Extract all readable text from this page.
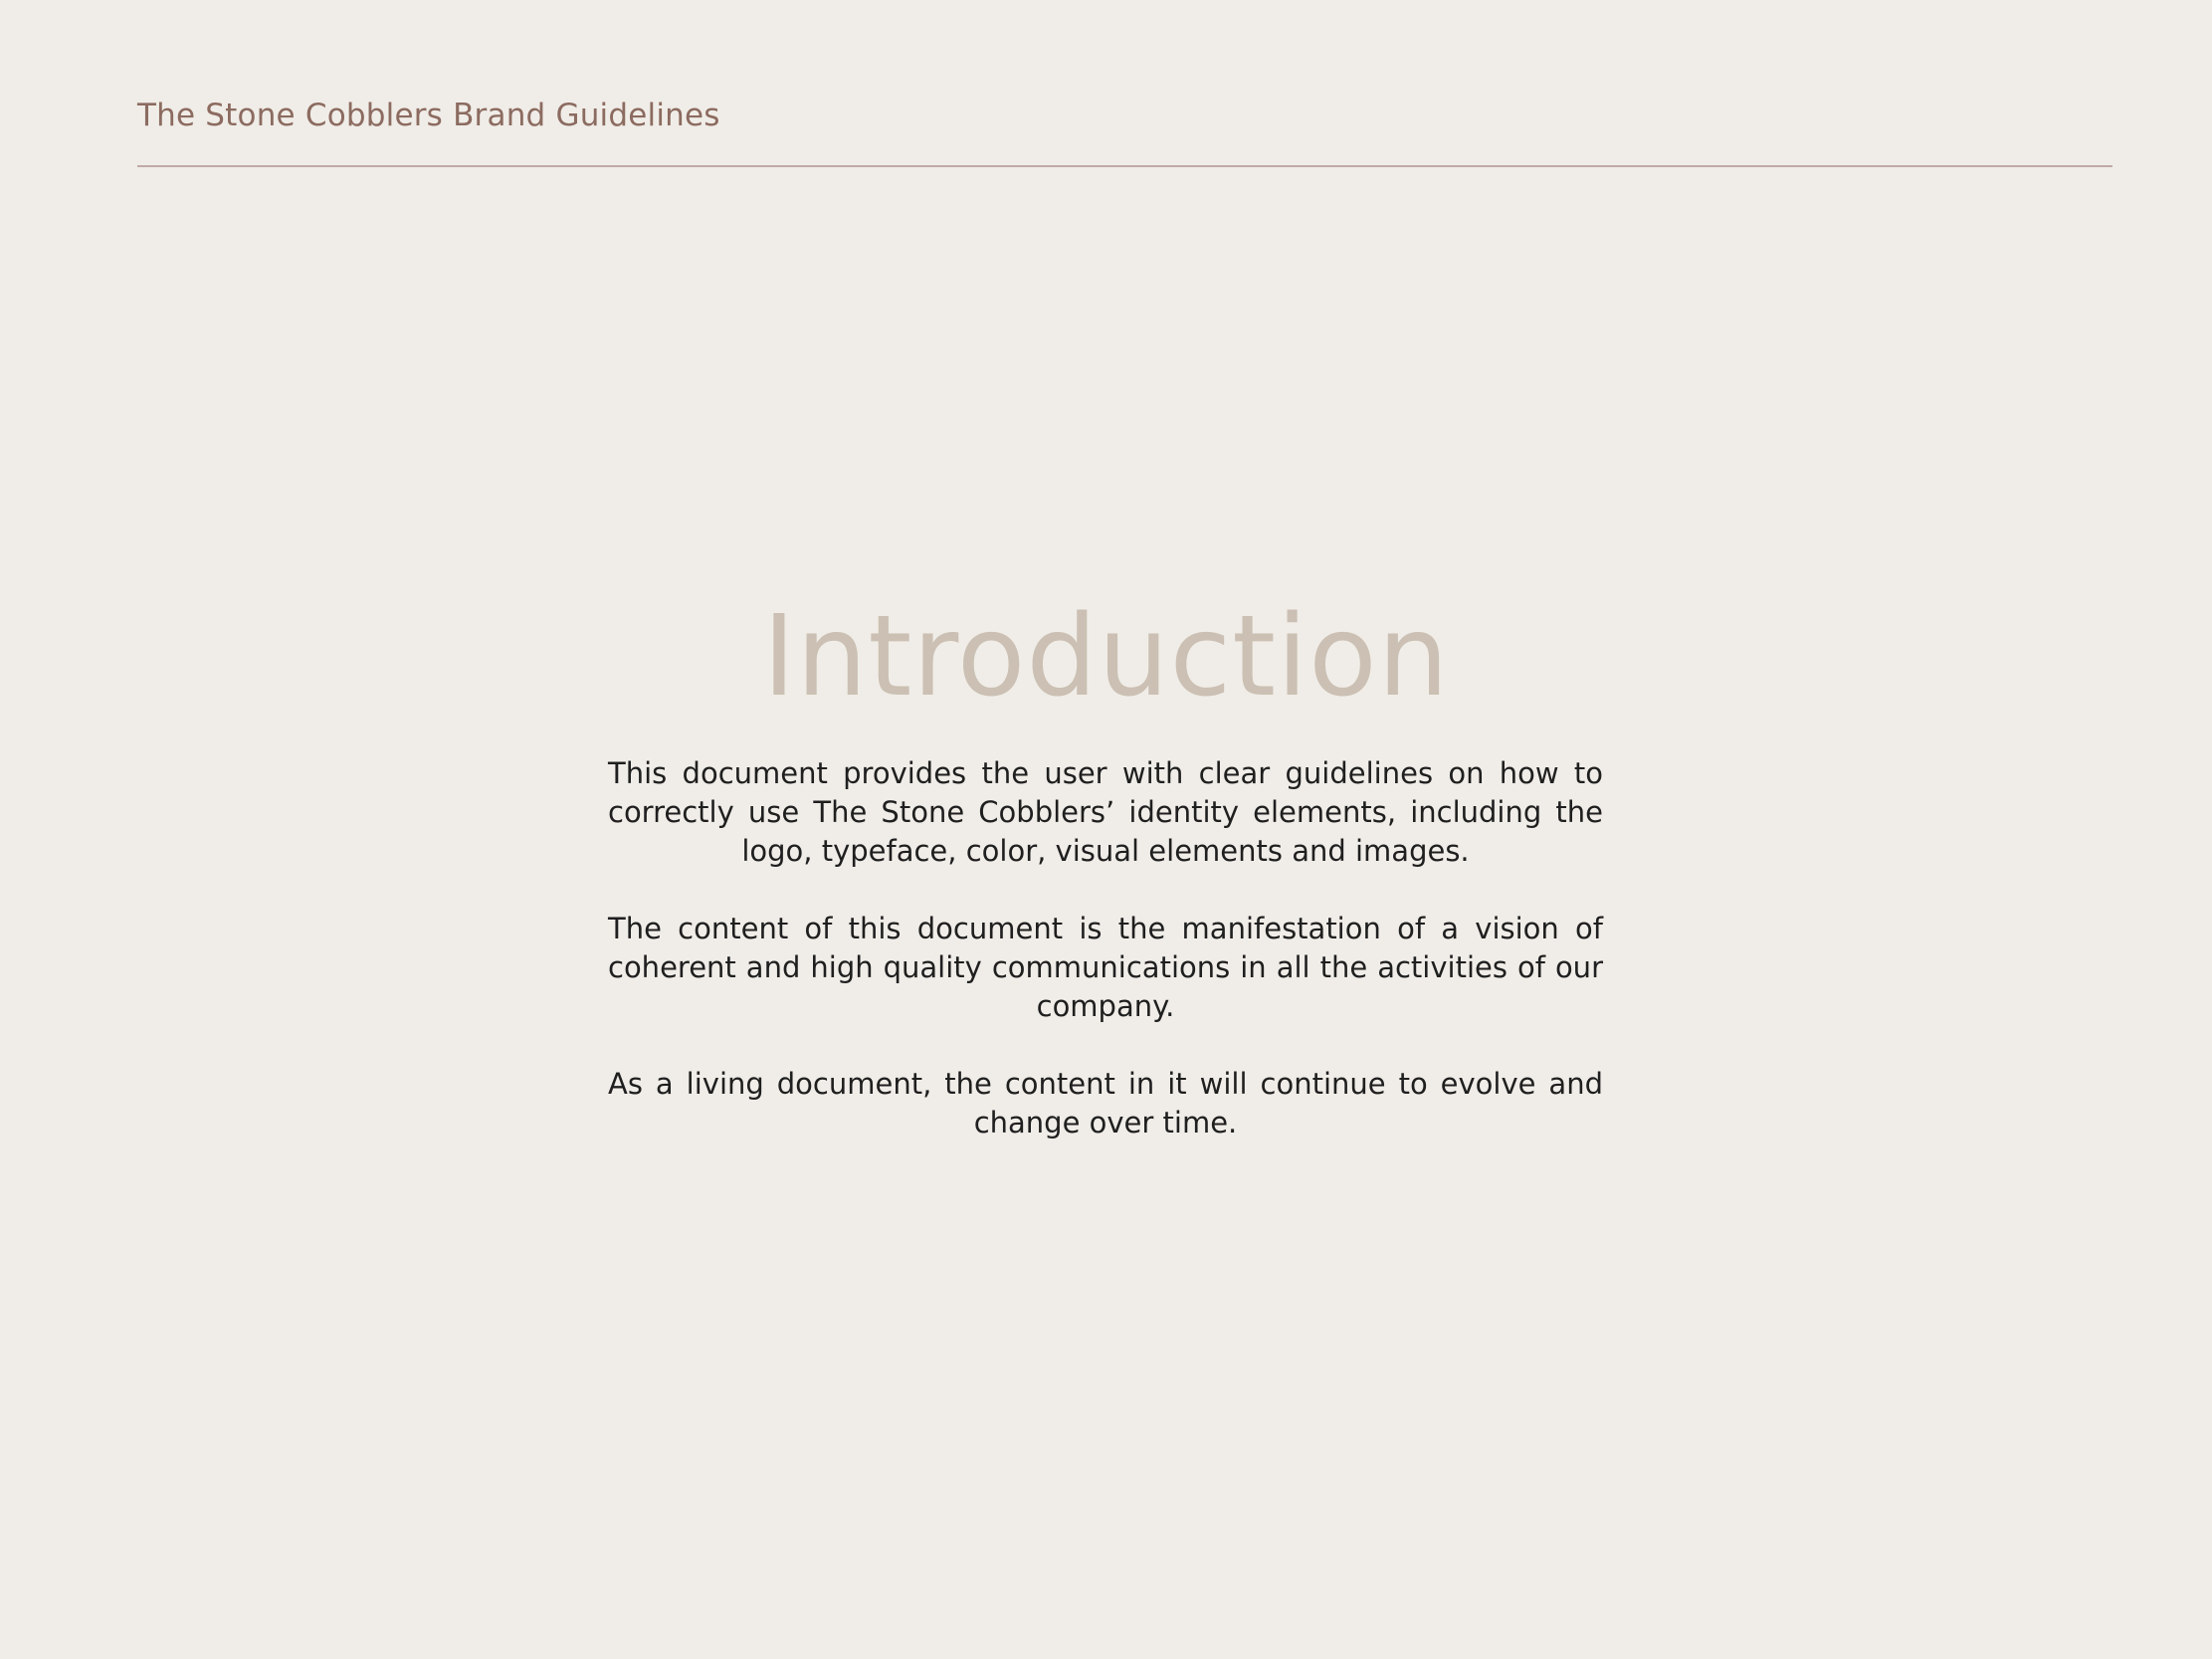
The Stone Cobblers Brand Guidelines
Introduction

This document provides the user with clear guidelines on how to correctly use The Stone Cobblers’ identity elements, including the logo, typeface, color, visual elements and images.

The content of this document is the manifestation of a vision of coherent and high quality communications in all the activities of our company.

As a living document, the content in it will continue to evolve and change over time.
